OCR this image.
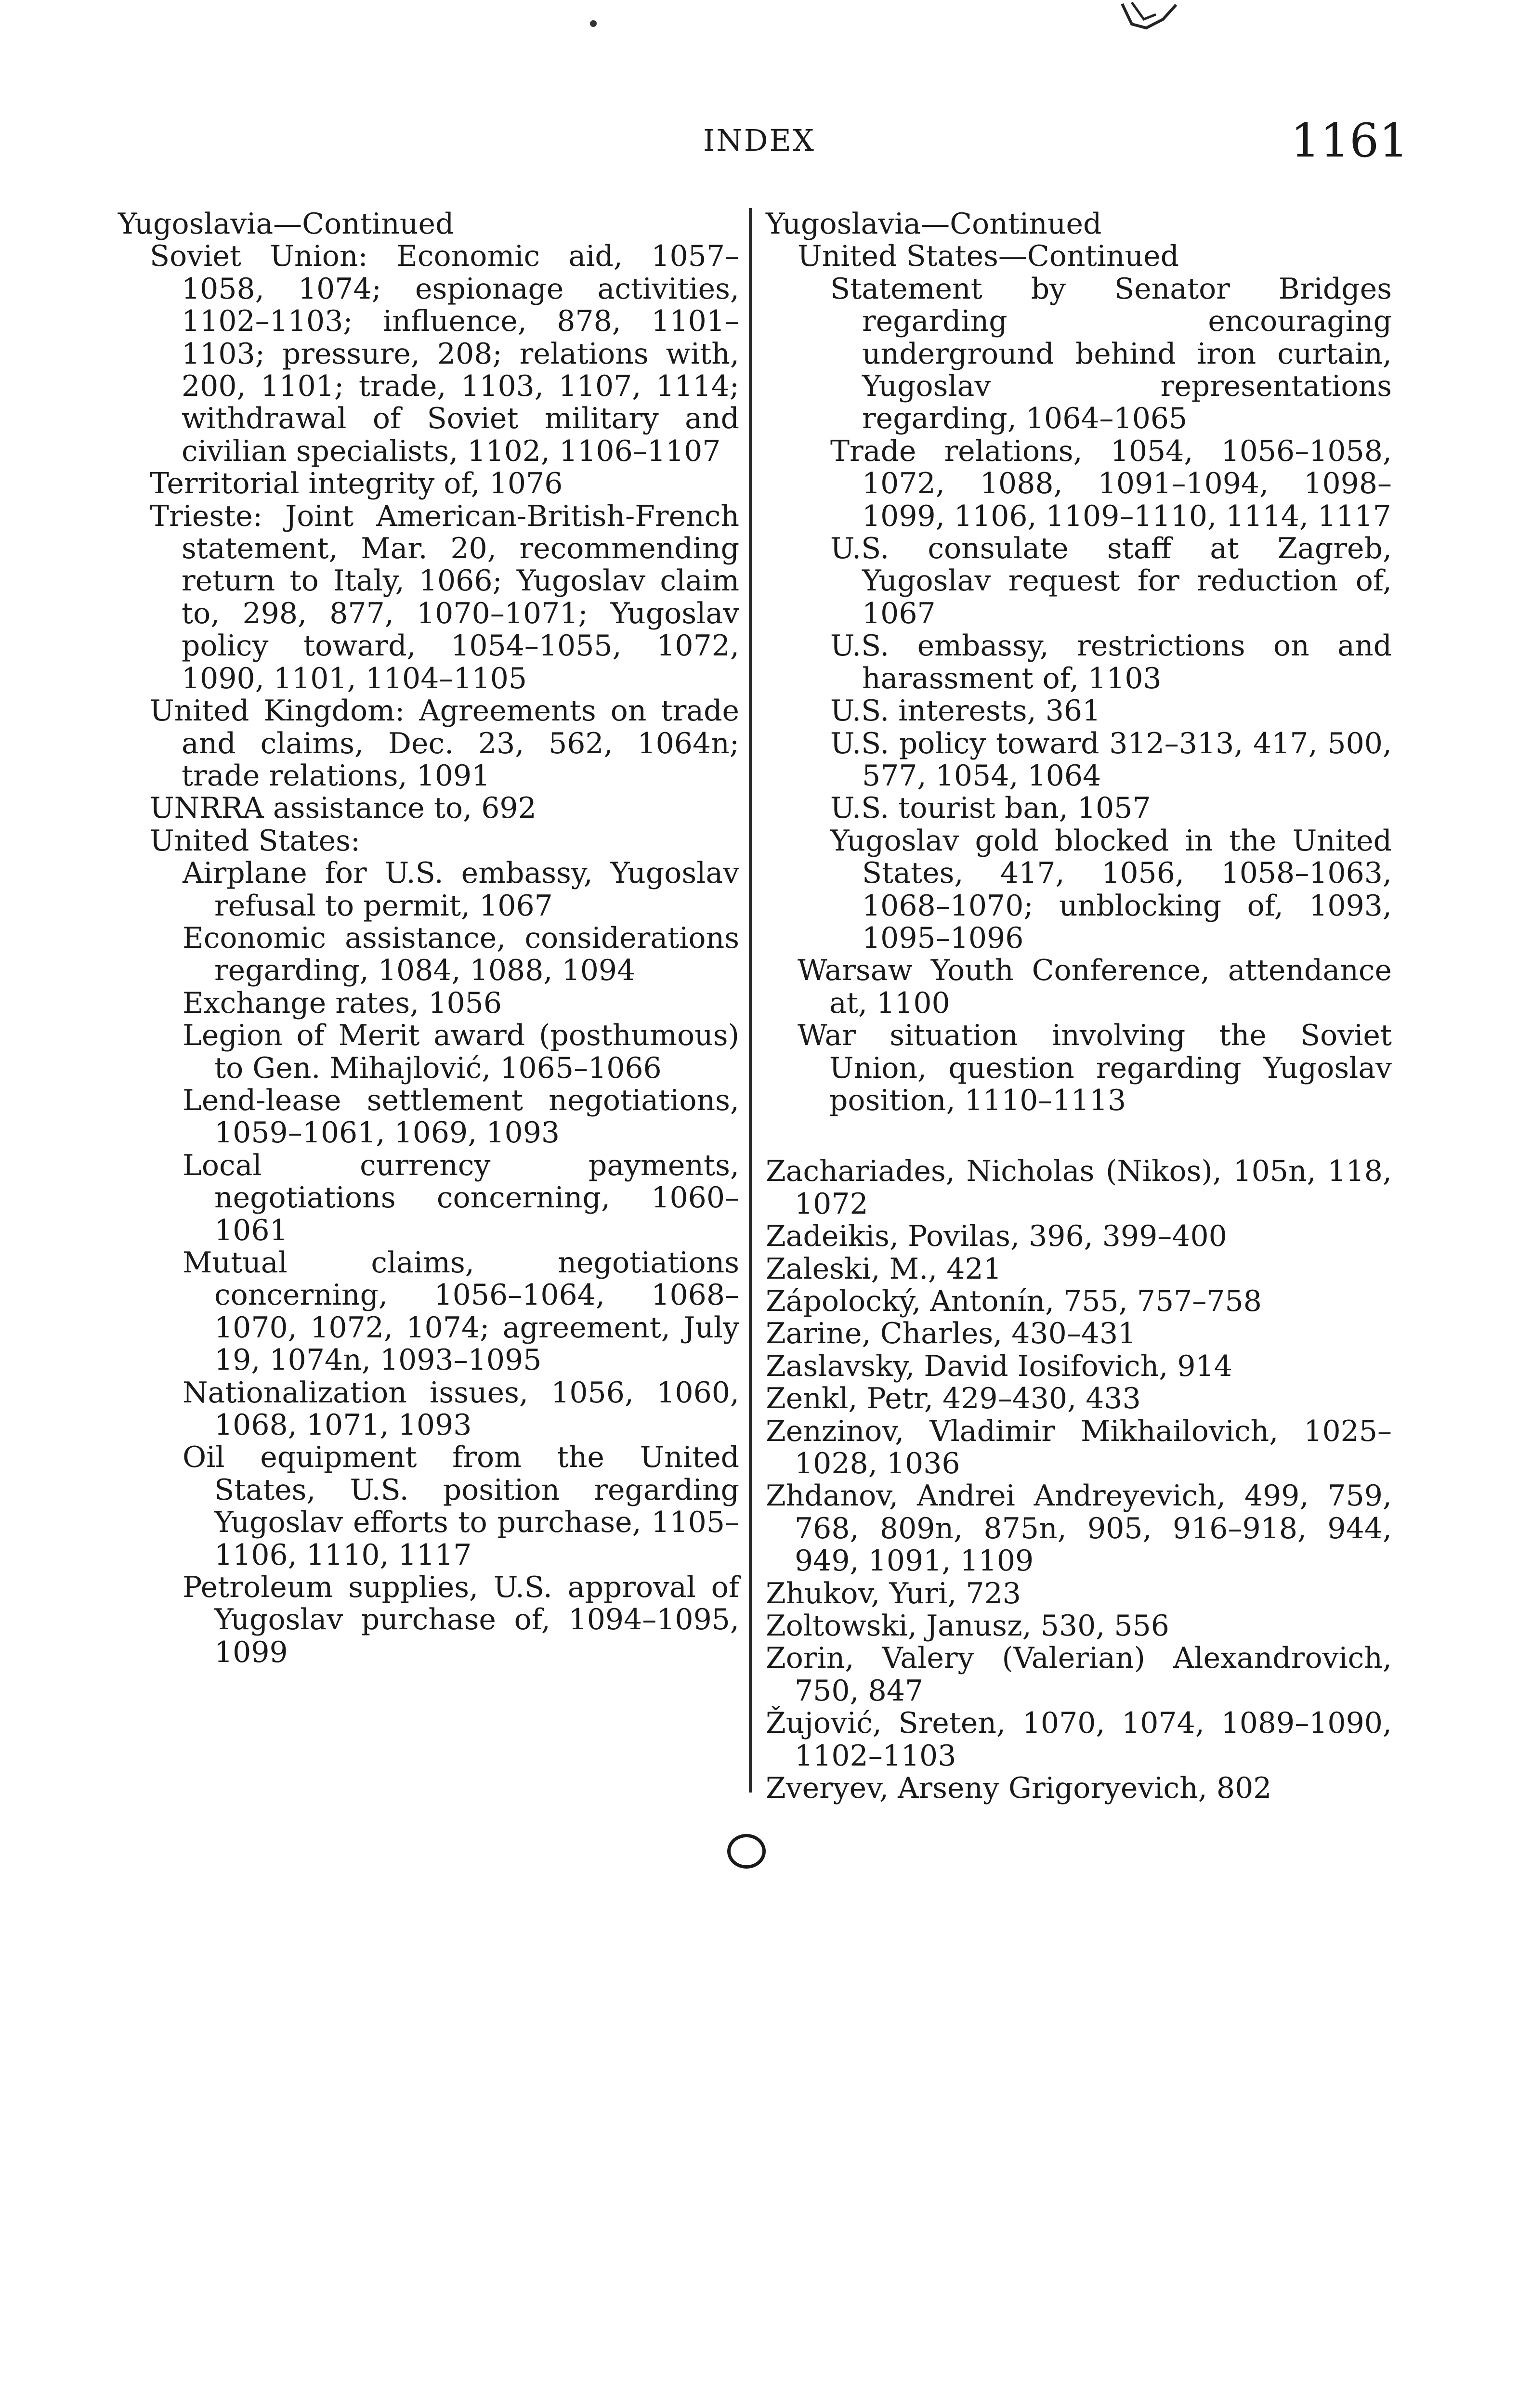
INDEX	1161

Yugoslavia—Continued

Soviet Union: Economic aid, 1057–1058, 1074; espionage activities, 1102–1103; influence, 878, 1101–1103; pressure, 208; relations with, 200, 1101; trade, 1103, 1107, 1114; withdrawal of Soviet military and civilian specialists, 1102, 1106–1107

Territorial integrity of, 1076

Trieste: Joint American-British-French statement, Mar. 20, recommending return to Italy, 1066; Yugoslav claim to, 298, 877, 1070–1071; Yugoslav policy toward, 1054–1055, 1072, 1090, 1101, 1104–1105

United Kingdom: Agreements on trade and claims, Dec. 23, 562, 1064n; trade relations, 1091

UNRRA assistance to, 692

United States:

Airplane for U.S. embassy, Yugoslav refusal to permit, 1067

Economic assistance, considerations regarding, 1084, 1088, 1094

Exchange rates, 1056

Legion of Merit award (posthumous) to Gen. Mihajlović, 1065–1066

Lend-lease settlement negotiations, 1059–1061, 1069, 1093

Local currency payments, negotiations concerning, 1060–1061

Mutual claims, negotiations concerning, 1056–1064, 1068–1070, 1072, 1074; agreement, July 19, 1074n, 1093–1095

Nationalization issues, 1056, 1060, 1068, 1071, 1093

Oil equipment from the United States, U.S. position regarding Yugoslav efforts to purchase, 1105–1106, 1110, 1117

Petroleum supplies, U.S. approval of Yugoslav purchase of, 1094–1095, 1099

Yugoslavia—Continued

United States—Continued

Statement by Senator Bridges regarding encouraging underground behind iron curtain, Yugoslav representations regarding, 1064–1065

Trade relations, 1054, 1056–1058, 1072, 1088, 1091–1094, 1098–1099, 1106, 1109–1110, 1114, 1117

U.S. consulate staff at Zagreb, Yugoslav request for reduction of, 1067

U.S. embassy, restrictions on and harassment of, 1103

U.S. interests, 361

U.S. policy toward 312–313, 417, 500, 577, 1054, 1064

U.S. tourist ban, 1057

Yugoslav gold blocked in the United States, 417, 1056, 1058–1063, 1068–1070; unblocking of, 1093, 1095–1096

Warsaw Youth Conference, attendance at, 1100

War situation involving the Soviet Union, question regarding Yugoslav position, 1110–1113

Zachariades, Nicholas (Nikos), 105n, 118, 1072

Zadeikis, Povilas, 396, 399–400

Zaleski, M., 421

Zápolocký, Antonín, 755, 757–758

Zarine, Charles, 430–431

Zaslavsky, David Iosifovich, 914

Zenkl, Petr, 429–430, 433

Zenzinov, Vladimir Mikhailovich, 1025–1028, 1036

Zhdanov, Andrei Andreyevich, 499, 759, 768, 809n, 875n, 905, 916–918, 944, 949, 1091, 1109

Zhukov, Yuri, 723

Zoltowski, Janusz, 530, 556

Zorin, Valery (Valerian) Alexandrovich, 750, 847

Žujović, Sreten, 1070, 1074, 1089–1090, 1102–1103

Zveryev, Arseny Grigoryevich, 802
